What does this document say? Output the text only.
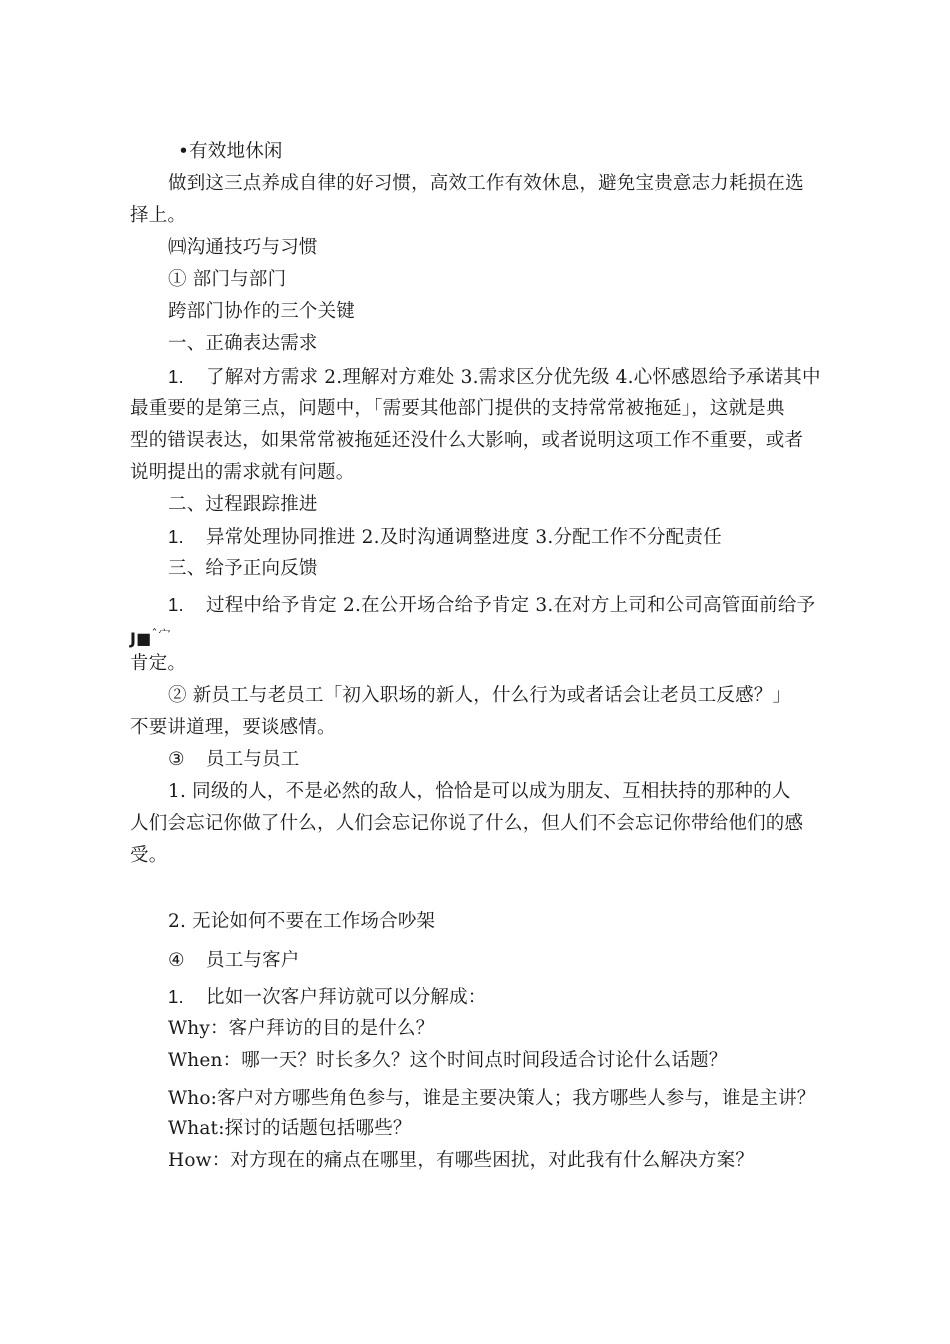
•有效地休闲
做到这三点养成自律的好习惯，高效工作有效休息，避免宝贵意志力耗损在选
择上。
㈣沟通技巧与习惯
① 部门与部门
跨部门协作的三个关键
一、正确表达需求
1. 了解对方需求 2.理解对方难处 3.需求区分优先级 4.心怀感恩给予承诺其中
最重要的是第三点，问题中，「需要其他部门提供的支持常常被拖延」，这就是典
型的错误表达，如果常常被拖延还没什么大影响，或者说明这项工作不重要，或者
说明提出的需求就有问题。
二、过程跟踪推进
1. 异常处理协同推进 2.及时沟通调整进度 3.分配工作不分配责任
三、给予正向反馈
1. 过程中给予肯定 2.在公开场合给予肯定 3.在对方上司和公司高管面前给予
J■$^{ˆ宀}$
肯定。
② 新员工与老员工「初入职场的新人，什么行为或者话会让老员工反感？」
不要讲道理，要谈感情。
③ 员工与员工
1. 同级的人，不是必然的敌人，恰恰是可以成为朋友、互相扶持的那种的人
人们会忘记你做了什么，人们会忘记你说了什么，但人们不会忘记你带给他们的感
受。
2. 无论如何不要在工作场合吵架
④ 员工与客户
1. 比如一次客户拜访就可以分解成：
Why：客户拜访的目的是什么？
When：哪一天？时长多久？这个时间点时间段适合讨论什么话题？
Who:客户对方哪些角色参与，谁是主要决策人；我方哪些人参与，谁是主讲？
What:探讨的话题包括哪些？
How：对方现在的痛点在哪里，有哪些困扰，对此我有什么解决方案？
